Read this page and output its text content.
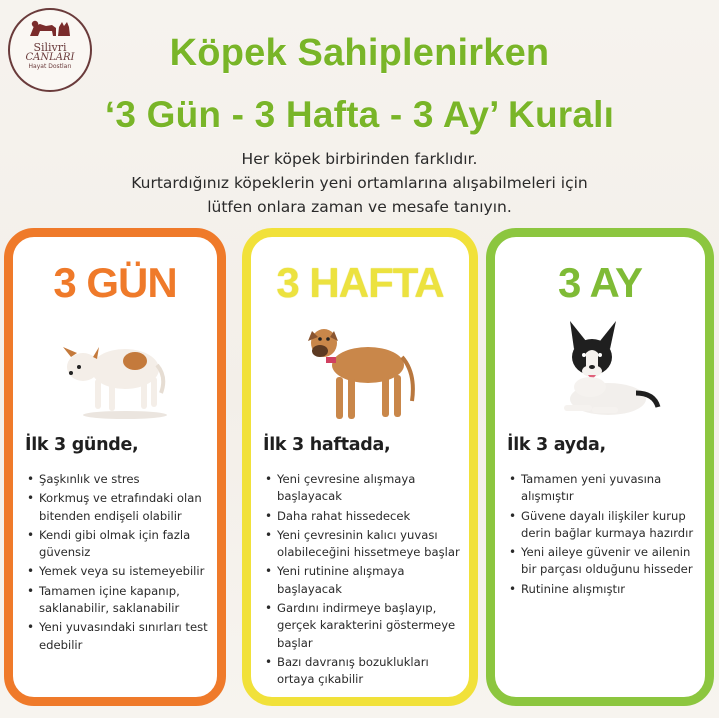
Silivri
CANLARI
Hayat Dostları	Köpek Sahiplenirken
‘3 Gün - 3 Hafta - 3 Ay’ Kuralı
Her köpek birbirinden farklıdır.
Kurtardığınız köpeklerin yeni ortamlarına alışabilmeleri için
lütfen onlara zaman ve mesafe tanıyın.
3 GÜN
İlk 3 günde,
• Şaşkınlık ve stres
• Korkmuş ve etrafındaki olan bitenden endişeli olabilir
• Kendi gibi olmak için fazla güvensiz
• Yemek veya su istemeyebilir
• Tamamen içine kapanıp, saklanabilir, saklanabilir
• Yeni yuvasındaki sınırları test edebilir
3 HAFTA
İlk 3 haftada,
• Yeni çevresine alışmaya başlayacak
• Daha rahat hissedecek
• Yeni çevresinin kalıcı yuvası olabileceğini hissetmeye başlar
• Yeni rutinine alışmaya başlayacak
• Gardını indirmeye başlayıp, gerçek karakterini göstermeye başlar
• Bazı davranış bozuklukları ortaya çıkabilir
3 AY
İlk 3 ayda,
• Tamamen yeni yuvasına alışmıştır
• Güvene dayalı ilişkiler kurup derin bağlar kurmaya hazırdır
• Yeni aileye güvenir ve ailenin bir parçası olduğunu hisseder
• Rutinine alışmıştır
